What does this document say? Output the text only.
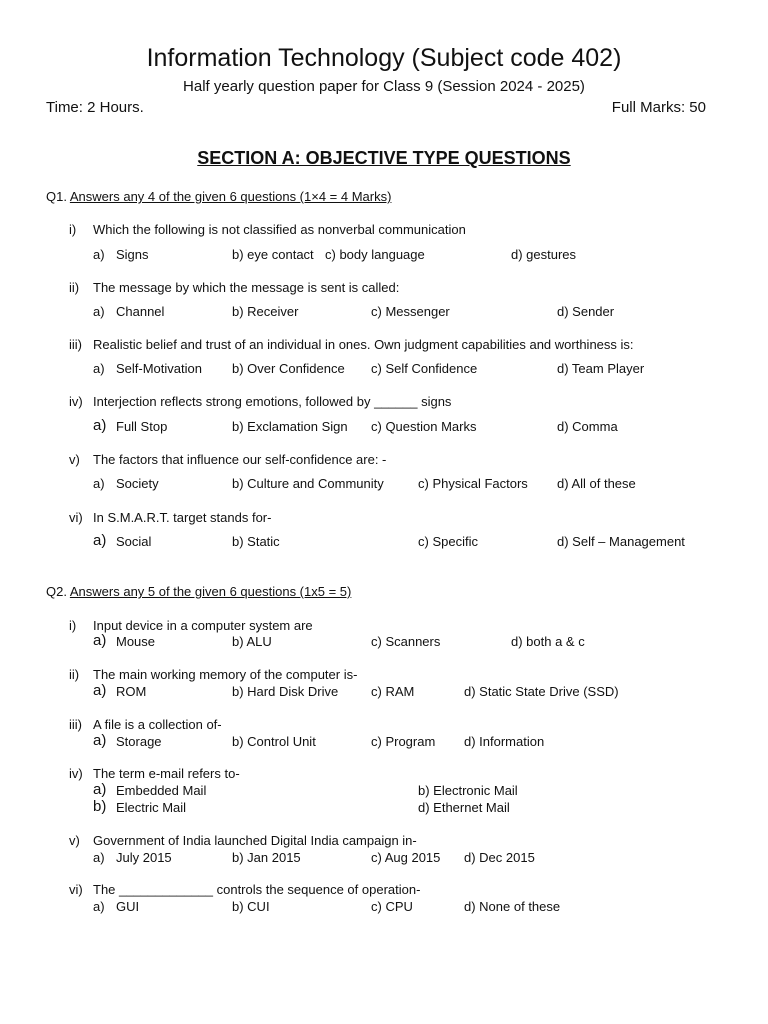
Information Technology (Subject code 402)
Half yearly question paper for Class 9 (Session 2024 - 2025)
Time: 2 Hours.	Full Marks: 50
SECTION A: OBJECTIVE TYPE QUESTIONS
Q1. Answers any 4 of the given 6 questions (1×4 = 4 Marks)
i) Which the following is not classified as nonverbal communication
a) Signs	b) eye contact c) body language	d) gestures
ii) The message by which the message is sent is called:
a) Channel	b) Receiver	c) Messenger	d) Sender
iii) Realistic belief and trust of an individual in ones. Own judgment capabilities and worthiness is:
a) Self-Motivation b) Over Confidence c) Self Confidence	d) Team Player
iv) Interjection reflects strong emotions, followed by ______ signs
a) Full Stop	b) Exclamation Sign c) Question Marks	d) Comma
v) The factors that influence our self-confidence are: -
a) Society	b) Culture and Community	c) Physical Factors d) All of these
vi) In S.M.A.R.T. target stands for-
a) Social	b) Static	c) Specific	d) Self – Management
Q2. Answers any 5 of the given 6 questions (1x5 = 5)
i) Input device in a computer system are
a) Mouse	b) ALU	c) Scanners	d) both a & c
ii) The main working memory of the computer is-
a) ROM	b) Hard Disk Drive	c) RAM	d) Static State Drive (SSD)
iii) A file is a collection of-
a) Storage	b) Control Unit	c) Program d) Information
iv) The term e-mail refers to-
a) Embedded Mail	b) Electronic Mail
b) Electric Mail	d) Ethernet Mail
v) Government of India launched Digital India campaign in-
a) July 2015	b) Jan 2015	c) Aug 2015 d) Dec 2015
vi) The _____________ controls the sequence of operation-
a) GUI	b) CUI	c) CPU	d) None of these
